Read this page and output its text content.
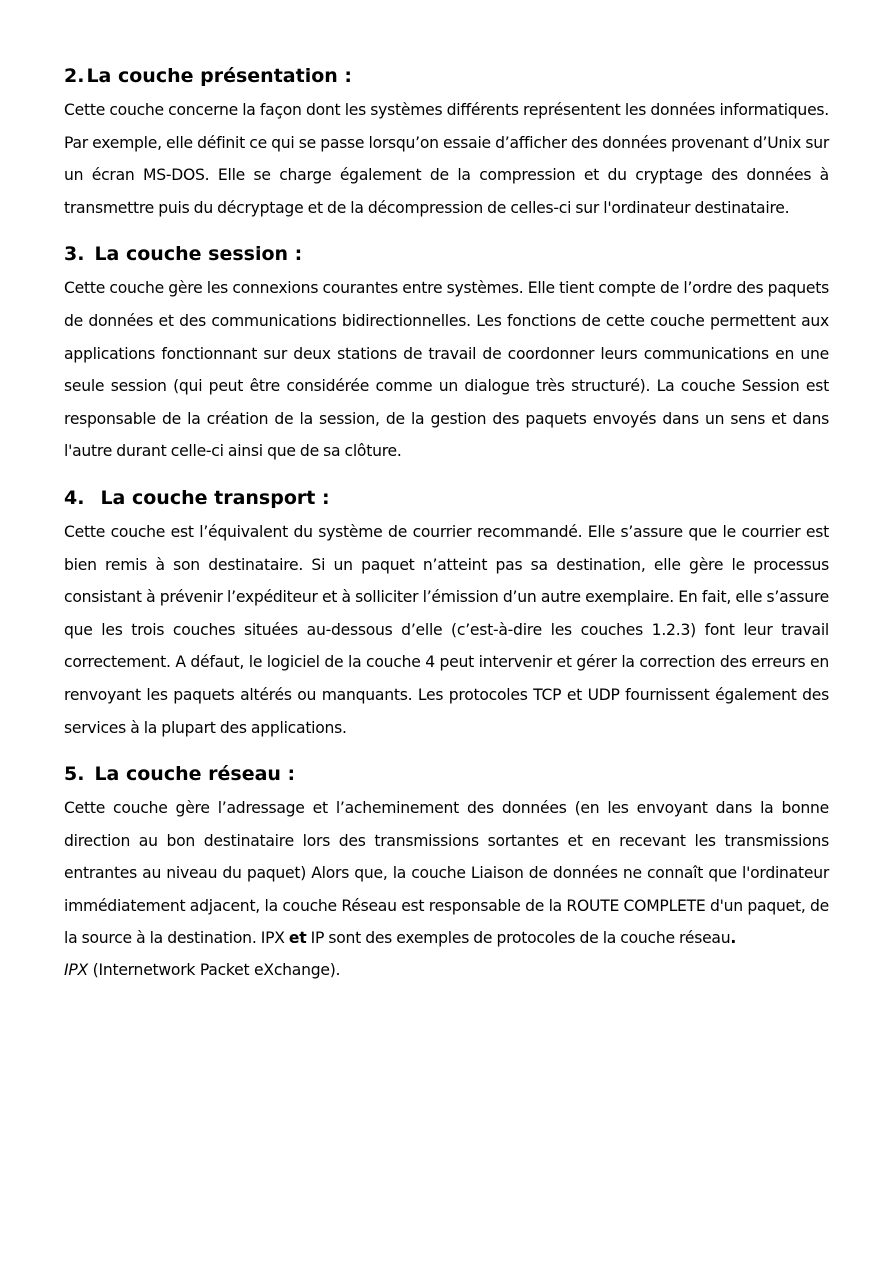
2. La couche présentation :

Cette couche concerne la façon dont les systèmes différents représentent les données informatiques. Par exemple, elle définit ce qui se passe lorsqu’on essaie d’afficher des données provenant d’Unix sur un écran MS-DOS. Elle se charge également de la compression et du cryptage des données à transmettre puis du décryptage et de la décompression de celles-ci sur l'ordinateur destinataire.

3. La couche session :

Cette couche gère les connexions courantes entre systèmes. Elle tient compte de l’ordre des paquets de données et des communications bidirectionnelles. Les fonctions de cette couche permettent aux applications fonctionnant sur deux stations de travail de coordonner leurs communications en une seule session (qui peut être considérée comme un dialogue très structuré). La couche Session est responsable de la création de la session, de la gestion des paquets envoyés dans un sens et dans l'autre durant celle-ci ainsi que de sa clôture.

4. La couche transport :

Cette couche est l’équivalent du système de courrier recommandé. Elle s’assure que le courrier est bien remis à son destinataire. Si un paquet n’atteint pas sa destination, elle gère le processus consistant à prévenir l’expéditeur et à solliciter l’émission d’un autre exemplaire. En fait, elle s’assure que les trois couches situées au-dessous d’elle (c’est-à-dire les couches 1.2.3) font leur travail correctement. A défaut, le logiciel de la couche 4 peut intervenir et gérer la correction des erreurs en renvoyant les paquets altérés ou manquants. Les protocoles TCP et UDP fournissent également des services à la plupart des applications.

5. La couche réseau :

Cette couche gère l’adressage et l’acheminement des données (en les envoyant dans la bonne direction au bon destinataire lors des transmissions sortantes et en recevant les transmissions entrantes au niveau du paquet) Alors que, la couche Liaison de données ne connaît que l'ordinateur immédiatement adjacent, la couche Réseau est responsable de la ROUTE COMPLETE d'un paquet, de la source à la destination. IPX et IP sont des exemples de protocoles de la couche réseau.

IPX (Internetwork Packet eXchange).
